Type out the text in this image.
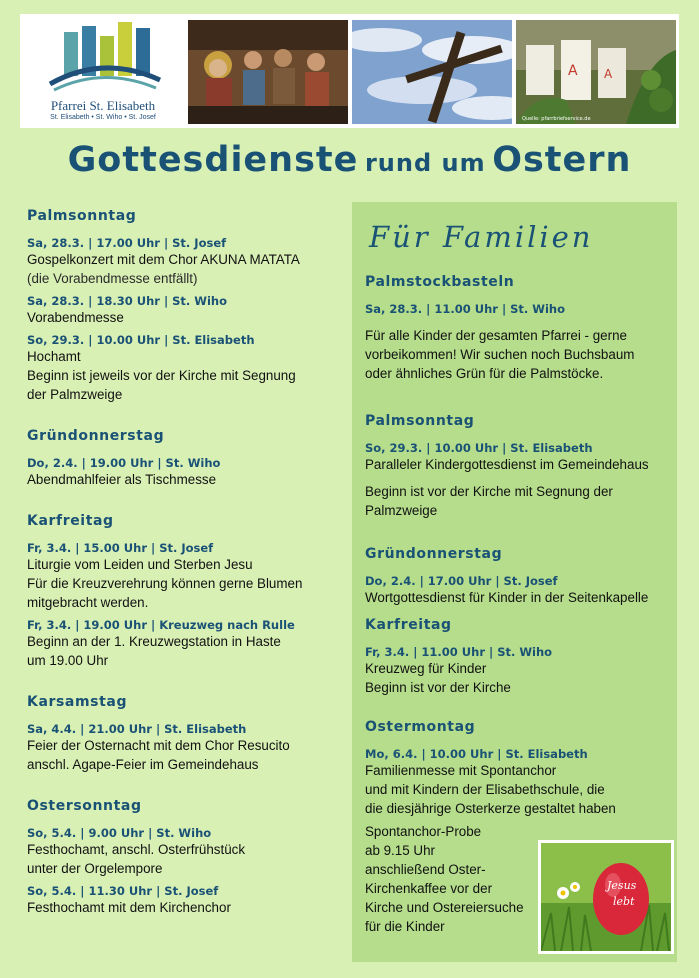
Pfarrei St. Elisabeth
St. Elisabeth • St. Wiho • St. Josef
A A
Quelle: pfarrbriefservice.de
Gottesdienste rund um Ostern
Palmsonntag
Sa, 28.3. | 17.00 Uhr | St. Josef
Gospelkonzert mit dem Chor AKUNA MATATA
(die Vorabendmesse entfällt)
Sa, 28.3. | 18.30 Uhr | St. Wiho
Vorabendmesse
So, 29.3. | 10.00 Uhr | St. Elisabeth
Hochamt
Beginn ist jeweils vor der Kirche mit Segnung
der Palmzweige
Gründonnerstag
Do, 2.4. | 19.00 Uhr | St. Wiho
Abendmahlfeier als Tischmesse
Karfreitag
Fr, 3.4. | 15.00 Uhr | St. Josef
Liturgie vom Leiden und Sterben Jesu
Für die Kreuzverehrung können gerne Blumen
mitgebracht werden.
Fr, 3.4. | 19.00 Uhr | Kreuzweg nach Rulle
Beginn an der 1. Kreuzwegstation in Haste
um 19.00 Uhr
Karsamstag
Sa, 4.4. | 21.00 Uhr | St. Elisabeth
Feier der Osternacht mit dem Chor Resucito
anschl. Agape-Feier im Gemeindehaus
Ostersonntag
So, 5.4. | 9.00 Uhr | St. Wiho
Festhochamt, anschl. Osterfrühstück
unter der Orgelempore
So, 5.4. | 11.30 Uhr | St. Josef
Festhochamt mit dem Kirchenchor
Für Familien
Palmstockbasteln
Sa, 28.3. | 11.00 Uhr | St. Wiho
Für alle Kinder der gesamten Pfarrei - gerne
vorbeikommen! Wir suchen noch Buchsbaum
oder ähnliches Grün für die Palmstöcke.
Palmsonntag
So, 29.3. | 10.00 Uhr | St. Elisabeth
Paralleler Kindergottesdienst im Gemeindehaus
Beginn ist vor der Kirche mit Segnung der
Palmzweige
Gründonnerstag
Do, 2.4. | 17.00 Uhr | St. Josef
Wortgottesdienst für Kinder in der Seitenkapelle
Karfreitag
Fr, 3.4. | 11.00 Uhr | St. Wiho
Kreuzweg für Kinder
Beginn ist vor der Kirche
Ostermontag
Mo, 6.4. | 10.00 Uhr | St. Elisabeth
Familienmesse mit Spontanchor
und mit Kindern der Elisabethschule, die
die diesjährige Osterkerze gestaltet haben
Spontanchor-Probe
ab 9.15 Uhr
anschließend Oster-
Kirchenkaffee vor der
Kirche und Ostereiersuche
für die Kinder
Jesus
lebt
